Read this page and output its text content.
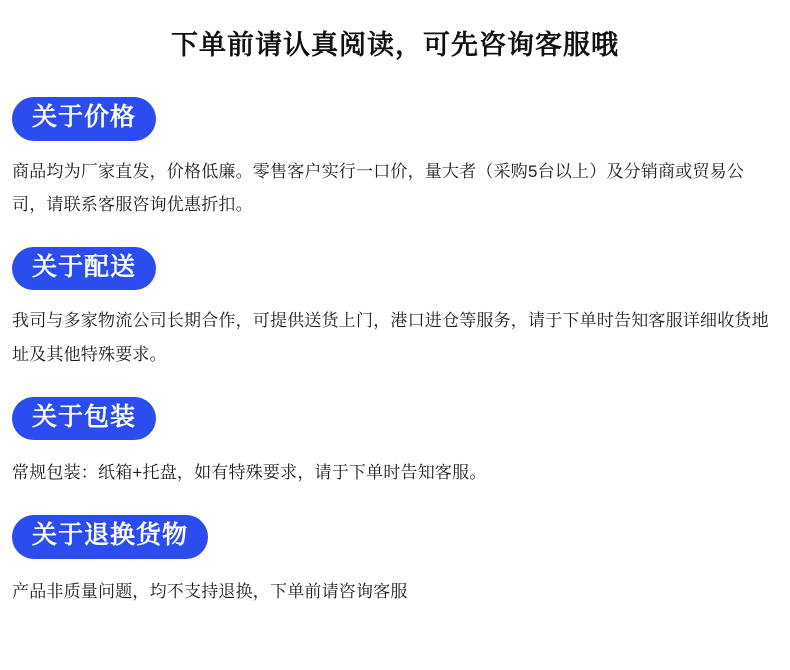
下单前请认真阅读，可先咨询客服哦
关于价格

商品均为厂家直发，价格低廉。零售客户实行一口价，量大者（采购5台以上）及分销商或贸易公司，请联系客服咨询优惠折扣。

关于配送

我司与多家物流公司长期合作，可提供送货上门，港口进仓等服务，请于下单时告知客服详细收货地址及其他特殊要求。

关于包装

常规包装：纸箱+托盘，如有特殊要求，请于下单时告知客服。

关于退换货物

产品非质量问题，均不支持退换，下单前请咨询客服
